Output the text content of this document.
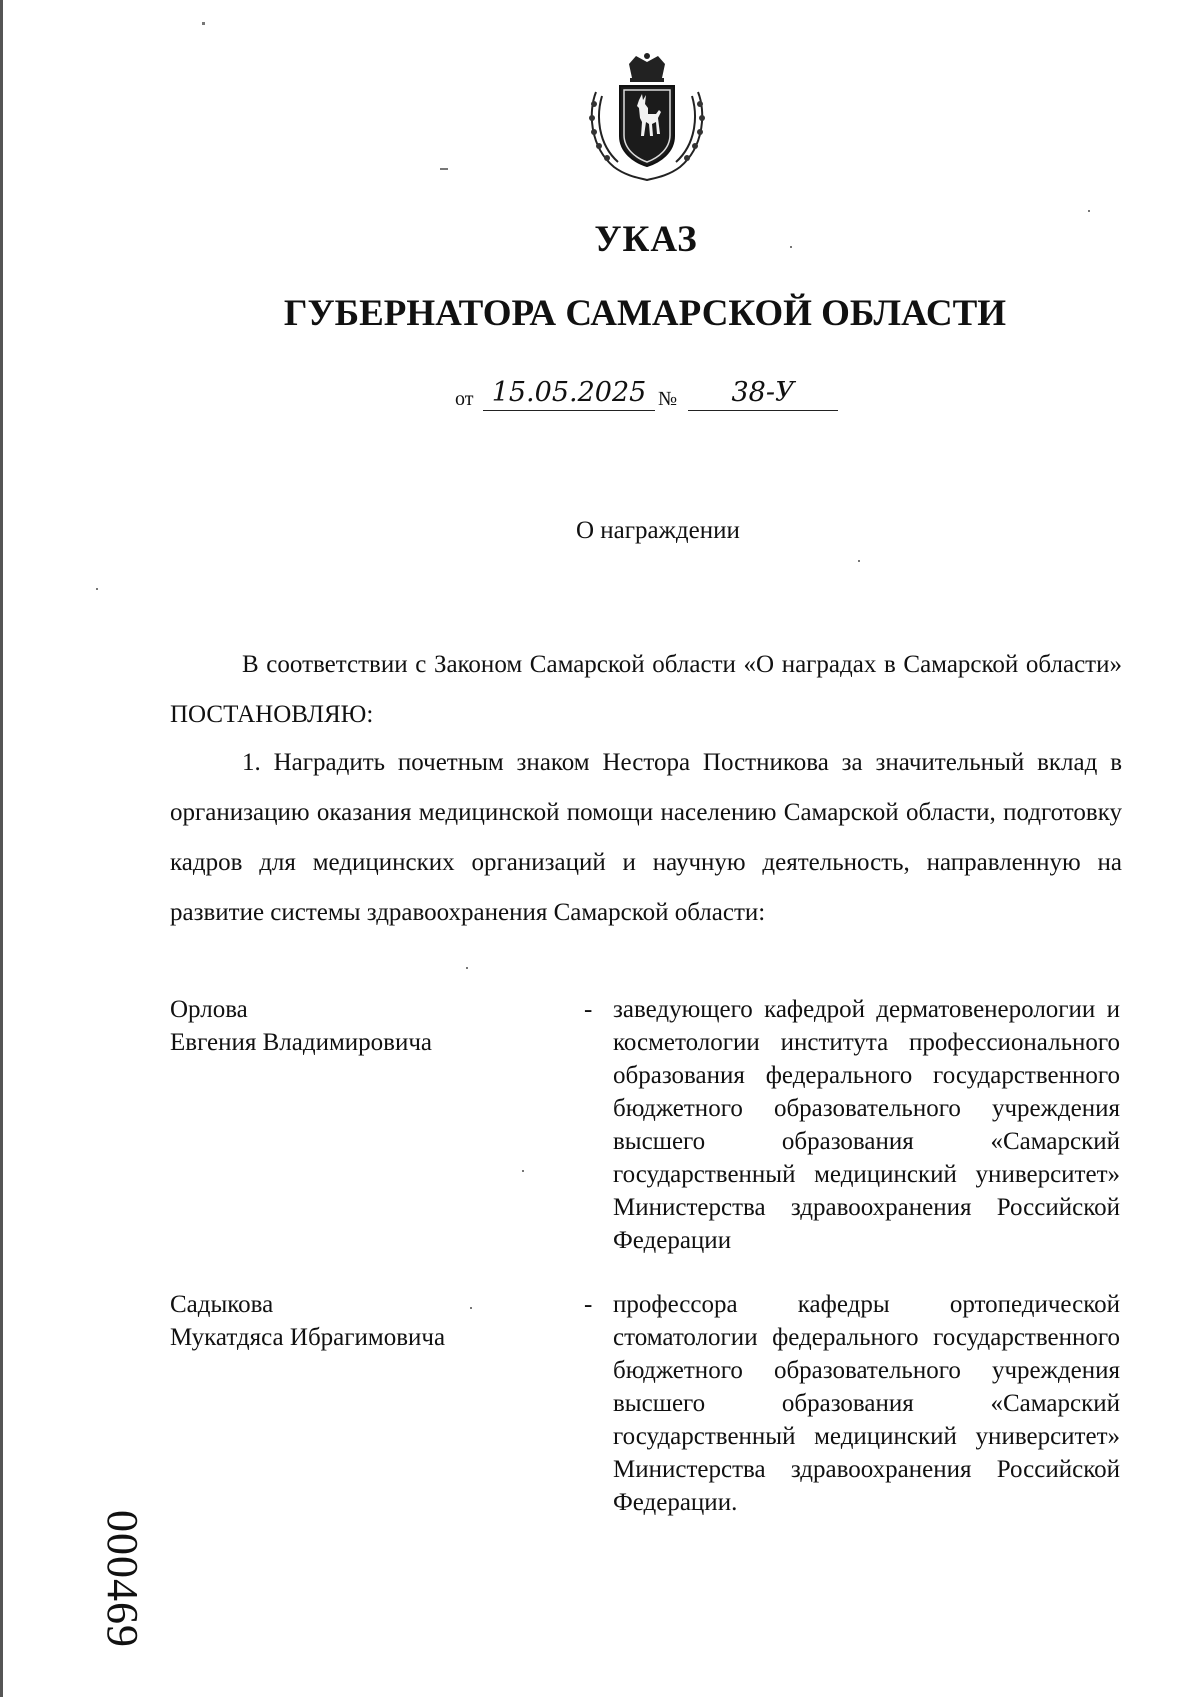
УКАЗ
ГУБЕРНАТОРА САМАРСКОЙ ОБЛАСТИ
от 15.05.2025 №	38-У
О награждении
В соответствии с Законом Самарской области «О наградах в Самарской области» ПОСТАНОВЛЯЮ:
1. Наградить почетным знаком Нестора Постникова за значительный вклад в организацию оказания медицинской помощи населению Самарской области, подготовку кадров для медицинских организаций и научную деятельность, направленную на развитие системы здравоохранения Самарской области:
Орлова
Евгения Владимировича
- заведующего кафедрой дерматовенерологии и косметологии института профессионального образования федерального государственного бюджетного образовательного учреждения высшего образования «Самарский государственный медицинский университет» Министерства здравоохранения Российской Федерации
Садыкова
Мукатдяса Ибрагимовича
- профессора кафедры ортопедической стоматологии федерального государственного бюджетного образовательного учреждения высшего образования «Самарский государственный медицинский университет» Министерства здравоохранения Российской Федерации.
000469
